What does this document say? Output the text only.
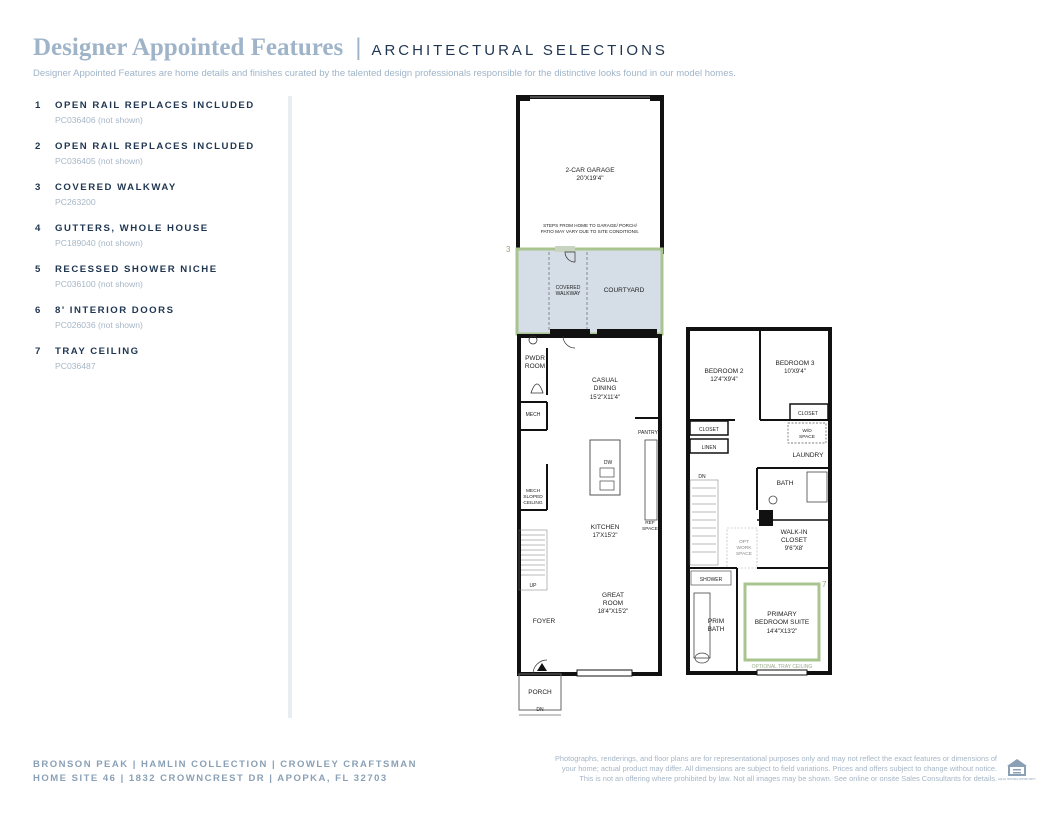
Designer Appointed Features | ARCHITECTURAL SELECTIONS
Designer Appointed Features are home details and finishes curated by the talented design professionals responsible for the distinctive looks found in our model homes.
1	OPEN RAIL REPLACES INCLUDED
PC036406 (not shown)
2	OPEN RAIL REPLACES INCLUDED
PC036405 (not shown)
3	COVERED WALKWAY
PC263200
4	GUTTERS, WHOLE HOUSE
PC189040 (not shown)
5	RECESSED SHOWER NICHE
PC036100 (not shown)
6	8' INTERIOR DOORS
PC026036 (not shown)
7	TRAY CEILING
PC036487
2-CAR GARAGE
20'X19'4"
STEPS FROM HOME TO GARAGE/ PORCH/
PATIO MAY VARY DUE TO SITE CONDITIONS.
3
COVERED
WALKWAY	COURTYARD
PWDR
ROOM
MECH
MECH
SLOPED
CEILING
UP
DW
PANTRY
REF
SPACE
CASUAL
DINING
15'2"X11'4"
KITCHEN
17'X15'2"
GREAT
ROOM
18'4"X15'2"
FOYER
PORCH
DN
BEDROOM 2
12'4"X9'4"
BEDROOM 3
10'X9'4"
CLOSET
CLOSET	W/D
SPACE
LAUNDRY
LINEN
DN
BATH
OPT
WORK
SPACE
WALK-IN
CLOSET
9'6"X8'
SHOWER
PRIM
BATH
7
PRIMARY
BEDROOM SUITE
14'4"X13'2"
OPTIONAL TRAY CEILING
BRONSON PEAK | HAMLIN COLLECTION | CROWLEY CRAFTSMAN
HOME SITE 46 | 1832 CROWNCREST DR | APOPKA, FL 32703
Photographs, renderings, and floor plans are for representational purposes only and may not reflect the exact features or dimensions of
your home; actual product may differ. All dimensions are subject to field variations. Prices and offers subject to change without notice.
This is not an offering where prohibited by law. Not all images may be shown. See online or onsite Sales Consultants for details. EQUAL HOUSING OPPORTUNITY
